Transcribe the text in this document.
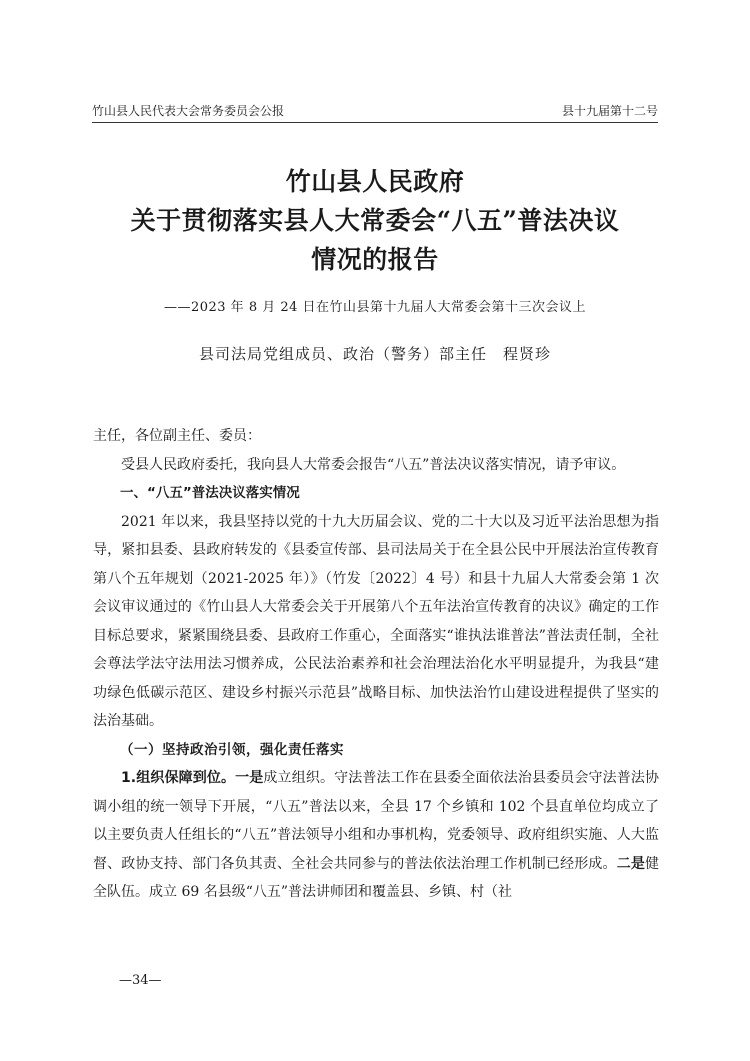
竹山县人民代表大会常务委员会公报	县十九届第十二号
竹山县人民政府
关于贯彻落实县人大常委会“八五”普法决议
情况的报告
——2023 年 8 月 24 日在竹山县第十九届人大常委会第十三次会议上
县司法局党组成员、政治（警务）部主任　程贤珍

主任，各位副主任、委员：

受县人民政府委托，我向县人大常委会报告“八五”普法决议落实情况，请予审议。

一、“八五”普法决议落实情况

2021 年以来，我县坚持以党的十九大历届会议、党的二十大以及习近平法治思想为指导，紧扣县委、县政府转发的《县委宣传部、县司法局关于在全县公民中开展法治宣传教育第八个五年规划（2021-2025 年）》（竹发〔2022〕4 号）和县十九届人大常委会第 1 次会议审议通过的《竹山县人大常委会关于开展第八个五年法治宣传教育的决议》确定的工作目标总要求，紧紧围绕县委、县政府工作重心，全面落实“谁执法谁普法”普法责任制，全社会尊法学法守法用法习惯养成，公民法治素养和社会治理法治化水平明显提升，为我县“建功绿色低碳示范区、建设乡村振兴示范县”战略目标、加快法治竹山建设进程提供了坚实的法治基础。

（一）坚持政治引领，强化责任落实

1.组织保障到位。一是成立组织。守法普法工作在县委全面依法治县委员会守法普法协调小组的统一领导下开展，“八五”普法以来，全县 17 个乡镇和 102 个县直单位均成立了以主要负责人任组长的“八五”普法领导小组和办事机构，党委领导、政府组织实施、人大监督、政协支持、部门各负其责、全社会共同参与的普法依法治理工作机制已经形成。二是健全队伍。成立 69 名县级“八五”普法讲师团和覆盖县、乡镇、村（社

—34—
